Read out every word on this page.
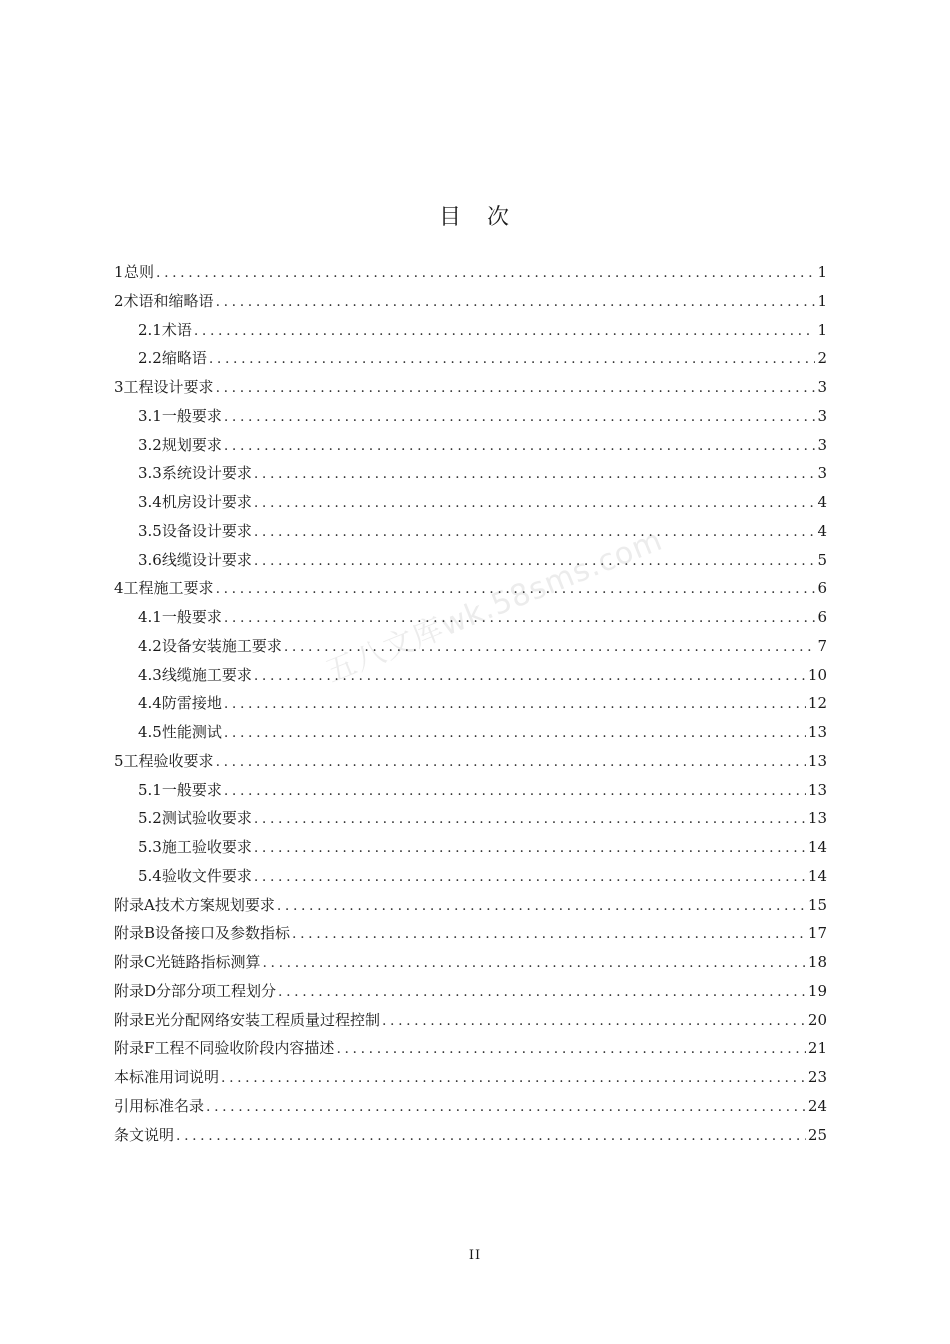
五八文库wk.58sms.com
目　次
1 总则 .....	1
2 术语和缩略语 .....	1
2.1 术语 .....	1
2.2 缩略语 .....	2
3 工程设计要求 .....	3
3.1 一般要求 .....	3
3.2 规划要求 .....	3
3.3 系统设计要求 .....	3
3.4 机房设计要求 .....	4
3.5 设备设计要求 .....	4
3.6 线缆设计要求 .....	5
4 工程施工要求 .....	6
4.1 一般要求 .....	6
4.2 设备安装施工要求 .....	7
4.3 线缆施工要求 .....	10
4.4 防雷接地 .....	12
4.5 性能测试 .....	13
5 工程验收要求 .....	13
5.1 一般要求 .....	13
5.2 测试验收要求 .....	13
5.3 施工验收要求 .....	14
5.4 验收文件要求 .....	14
附录A 技术方案规划要求 .....	15
附录B 设备接口及参数指标 .....	17
附录C 光链路指标测算 .....	18
附录D 分部分项工程划分 .....	19
附录E 光分配网络安装工程质量过程控制 .....	20
附录F 工程不同验收阶段内容描述 .....	21
本标准用词说明 .....	23
引用标准名录 .....	24
条文说明 .....	25
II
